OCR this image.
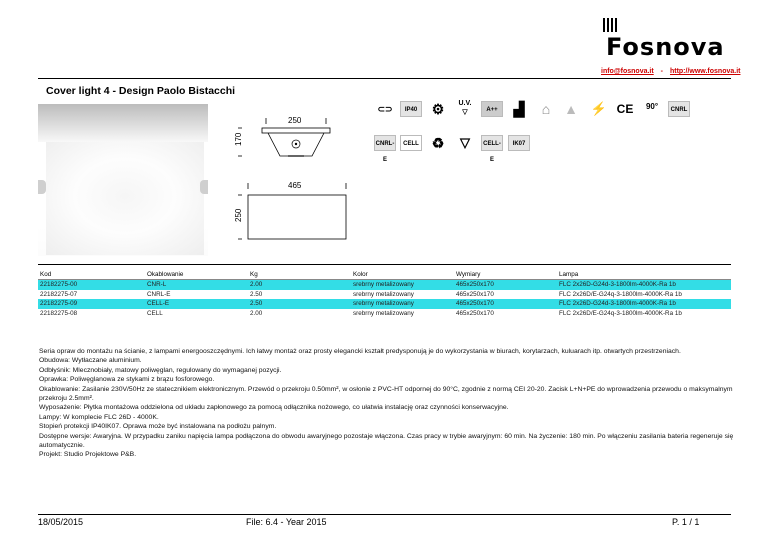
Fosnova
info@fosnova.it - http://www.fosnova.it
Cover light 4 - Design Paolo Bistacchi
250
170
465
250
⊂⊃	IP40	⚙	U.V.
▽	A++	▟	⌂ ▲ ⚡ CE	90°	CNRL
CNRL-E
CELL ♻	▽	CELL-E
IK07
Kod	Okablowanie	Kg	Kolor	Wymiary	Lampa
22182275-00	CNR-L	2.00	srebrny metalizowany	465x250x170	FLC 2x26D-G24d-3-1800lm-4000K-Ra 1b
22182275-07	CNRL-E	2.50	srebrny metalizowany	465x250x170	FLC 2x26D/E-G24q-3-1800lm-4000K-Ra 1b
22182275-09	CELL-E	2.50	srebrny metalizowany	465x250x170	FLC 2x26D-G24d-3-1800lm-4000K-Ra 1b
22182275-08	CELL	2.00	srebrny metalizowany	465x250x170	FLC 2x26D/E-G24q-3-1800lm-4000K-Ra 1b

Seria opraw do montażu na ścianie, z lampami energooszczędnymi. Ich łatwy montaż oraz prosty elegancki kształt predysponują je do wykorzystania w biurach, korytarzach, kuluarach itp. otwartych przestrzeniach.

Obudowa: Wytłaczane aluminium.

Odbłyśnik: Mlecznobiały, matowy poliwęglan, regulowany do wymaganej pozycji.

Oprawka: Poliwęglanowa ze stykami z brązu fosforowego.

Okablowanie: Zasilanie 230V/50Hz ze statecznikiem elektronicznym. Przewód o przekroju 0.50mm², w osłonie z PVC-HT odpornej do 90°C, zgodnie z normą CEI 20-20. Zacisk L+N+PE do wprowadzenia przewodu o maksymalnym przekroju 2.5mm².

Wyposażenie: Płytka montażowa oddzielona od układu zapłonowego za pomocą odłącznika nożowego, co ułatwia instalację oraz czynności konserwacyjne.

Lampy: W komplecie FLC 26D - 4000K.

Stopień protekcji IP40IK07. Oprawa może być instalowana na podłożu palnym.

Dostępne wersje: Awaryjna. W przypadku zaniku napięcia lampa podłączona do obwodu awaryjnego pozostaje włączona. Czas pracy w trybie awaryjnym: 60 min. Na życzenie: 180 min. Po włączeniu zasilania bateria regeneruje się automatycznie.

Projekt: Studio Projektowe P&B.

18/05/2015	File: 6.4 - Year 2015	P. 1 / 1
